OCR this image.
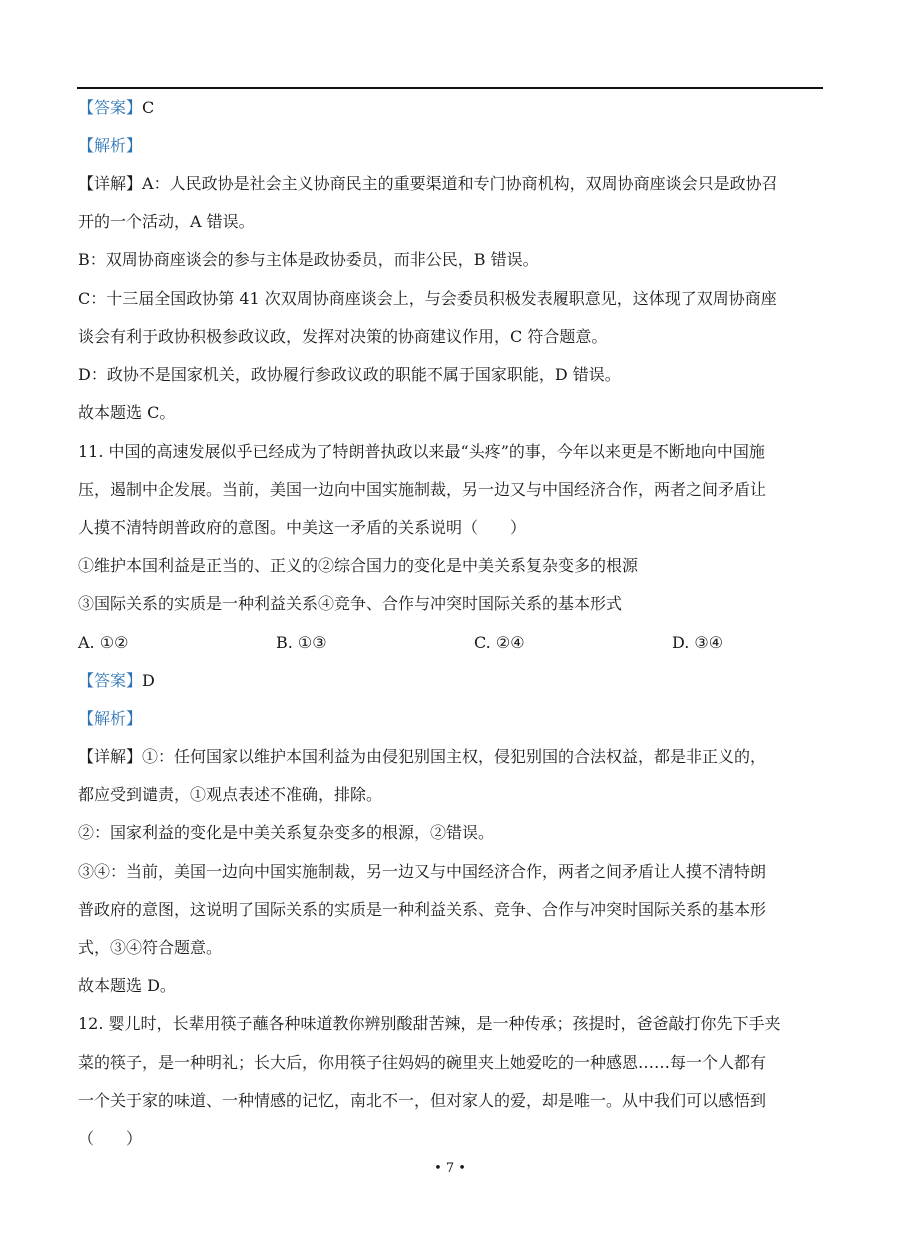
【答案】C
【解析】
【详解】A：人民政协是社会主义协商民主的重要渠道和专门协商机构，双周协商座谈会只是政协召
开的一个活动，A 错误。
B：双周协商座谈会的参与主体是政协委员，而非公民，B 错误。
C：十三届全国政协第 41 次双周协商座谈会上，与会委员积极发表履职意见，这体现了双周协商座
谈会有利于政协积极参政议政，发挥对决策的协商建议作用，C 符合题意。
D：政协不是国家机关，政协履行参政议政的职能不属于国家职能，D 错误。
故本题选 C。
11. 中国的高速发展似乎已经成为了特朗普执政以来最“头疼”的事，今年以来更是不断地向中国施
压，遏制中企发展。当前，美国一边向中国实施制裁，另一边又与中国经济合作，两者之间矛盾让
人摸不清特朗普政府的意图。中美这一矛盾的关系说明（　　）
①维护本国利益是正当的、正义的②综合国力的变化是中美关系复杂变多的根源
③国际关系的实质是一种利益关系④竞争、合作与冲突时国际关系的基本形式
A. ①②	B. ①③	C. ②④	D. ③④
【答案】D
【解析】
【详解】①：任何国家以维护本国利益为由侵犯别国主权，侵犯别国的合法权益，都是非正义的，
都应受到谴责，①观点表述不准确，排除。
②：国家利益的变化是中美关系复杂变多的根源，②错误。
③④：当前，美国一边向中国实施制裁，另一边又与中国经济合作，两者之间矛盾让人摸不清特朗
普政府的意图，这说明了国际关系的实质是一种利益关系、竞争、合作与冲突时国际关系的基本形
式，③④符合题意。
故本题选 D。
12. 婴儿时，长辈用筷子蘸各种味道教你辨别酸甜苦辣，是一种传承；孩提时，爸爸敲打你先下手夹
菜的筷子，是一种明礼；长大后，你用筷子往妈妈的碗里夹上她爱吃的一种感恩……每一个人都有
一个关于家的味道、一种情感的记忆，南北不一，但对家人的爱，却是唯一。从中我们可以感悟到
（　　）
• 7 •
